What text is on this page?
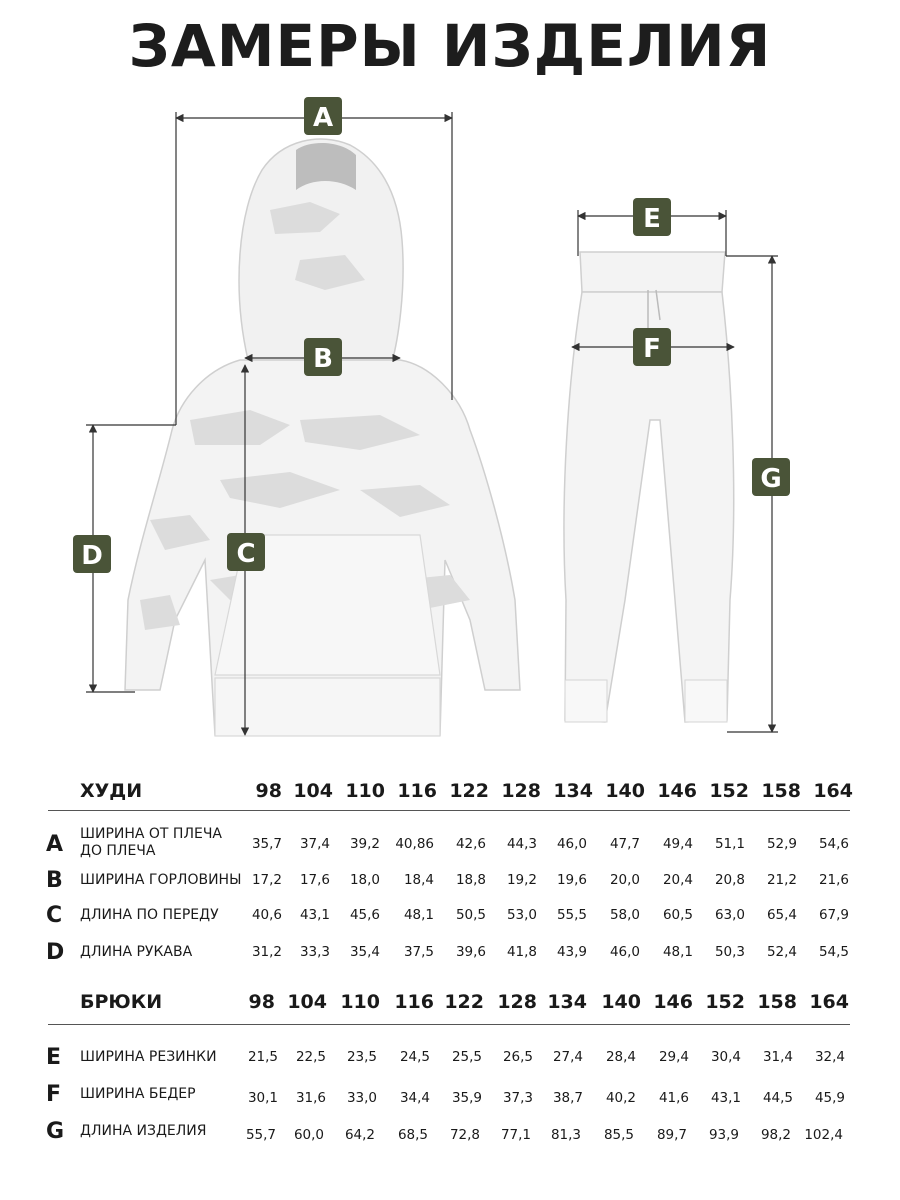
ЗАМЕРЫ ИЗДЕЛИЯ
A
B
C
D
E
F
G
ХУДИ	98 104 110 116 122 128 134 140 146 152 158 164
A ШИРИНА ОТ ПЛЕЧА
ДО ПЛЕЧА	35,7	37,4	39,2	40,86	42,6	44,3	46,0	47,7	49,4	51,1	52,9	54,6
B ШИРИНА ГОРЛОВИНЫ 17,2	17,6	18,0	18,4	18,8	19,2	19,6	20,0	20,4	20,8	21,2	21,6
C ДЛИНА ПО ПЕРЕДУ	40,6	43,1	45,6	48,1	50,5	53,0	55,5	58,0	60,5	63,0	65,4	67,9
D ДЛИНА РУКАВА	31,2	33,3	35,4	37,5	39,6	41,8	43,9	46,0	48,1	50,3	52,4	54,5
БРЮКИ	98 104 110 116 122 128 134 140 146 152 158 164
E ШИРИНА РЕЗИНКИ	21,5	22,5	23,5	24,5	25,5	26,5	27,4	28,4	29,4	30,4	31,4	32,4
F ШИРИНА БЕДЕР	30,1	31,6	33,0	34,4	35,9	37,3	38,7	40,2	41,6	43,1	44,5	45,9
G ДЛИНА ИЗДЕЛИЯ	55,7	60,0	64,2	68,5	72,8	77,1	81,3	85,5	89,7	93,9	98,2 102,4
